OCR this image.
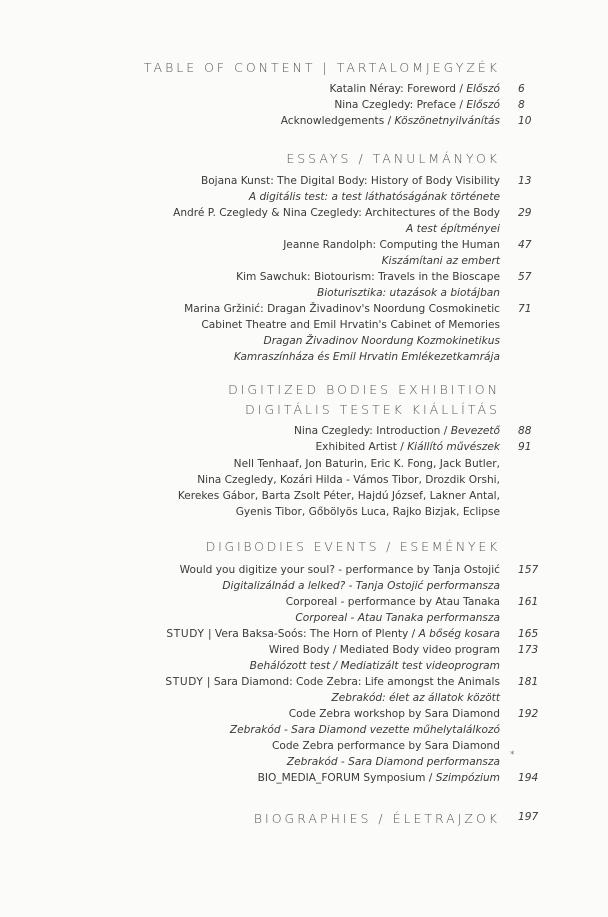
TABLE OF CONTENT | TARTALOMJEGYZÉK
Katalin Néray: Foreword / Előszó 6
Nina Czegledy: Preface / Előszó 8
Acknowledgements / Köszönetnyilvánítás 10
ESSAYS / TANULMÁNYOK
Bojana Kunst: The Digital Body: History of Body Visibility 13
A digitális test: a test láthatóságának története
André P. Czegledy & Nina Czegledy: Architectures of the Body 29
A test építményei
Jeanne Randolph: Computing the Human 47
Kiszámítani az embert
Kim Sawchuk: Biotourism: Travels in the Bioscape 57
Bioturisztika: utazások a biotájban
Marina Gržinić: Dragan Živadinov's Noordung Cosmokinetic 71
Cabinet Theatre and Emil Hrvatin's Cabinet of Memories
Dragan Živadinov Noordung Kozmokinetikus
Kamraszínháza és Emil Hrvatin Emlékezetkamrája
DIGITIZED BODIES EXHIBITION
DIGITÁLIS TESTEK KIÁLLÍTÁS
Nina Czegledy: Introduction / Bevezető 88
Exhibited Artist / Kiállító művészek 91
Nell Tenhaaf, Jon Baturin, Eric K. Fong, Jack Butler,
Nina Czegledy, Kozári Hilda - Vámos Tibor, Drozdik Orshi,
Kerekes Gábor, Barta Zsolt Péter, Hajdú József, Lakner Antal,
Gyenis Tibor, Gőbölyös Luca, Rajko Bizjak, Eclipse
DIGIBODIES EVENTS / ESEMÉNYEK
Would you digitize your soul? - performance by Tanja Ostojić 157
Digitalizálnád a lelked? - Tanja Ostojić performansza
Corporeal - performance by Atau Tanaka 161
Corporeal - Atau Tanaka performansza
STUDY | Vera Baksa-Soós: The Horn of Plenty / A bőség kosara 165
Wired Body / Mediated Body video program 173
Behálózott test / Mediatizált test videoprogram
STUDY | Sara Diamond: Code Zebra: Life amongst the Animals 181
Zebrakód: élet az állatok között
Code Zebra workshop by Sara Diamond 192
Zebrakód - Sara Diamond vezette műhelytalálkozó
Code Zebra performance by Sara Diamond
Zebrakód - Sara Diamond performansza
*
BIO_MEDIA_FORUM Symposium / Szimpózium 194
BIOGRAPHIES / ÉLETRAJZOK 197
